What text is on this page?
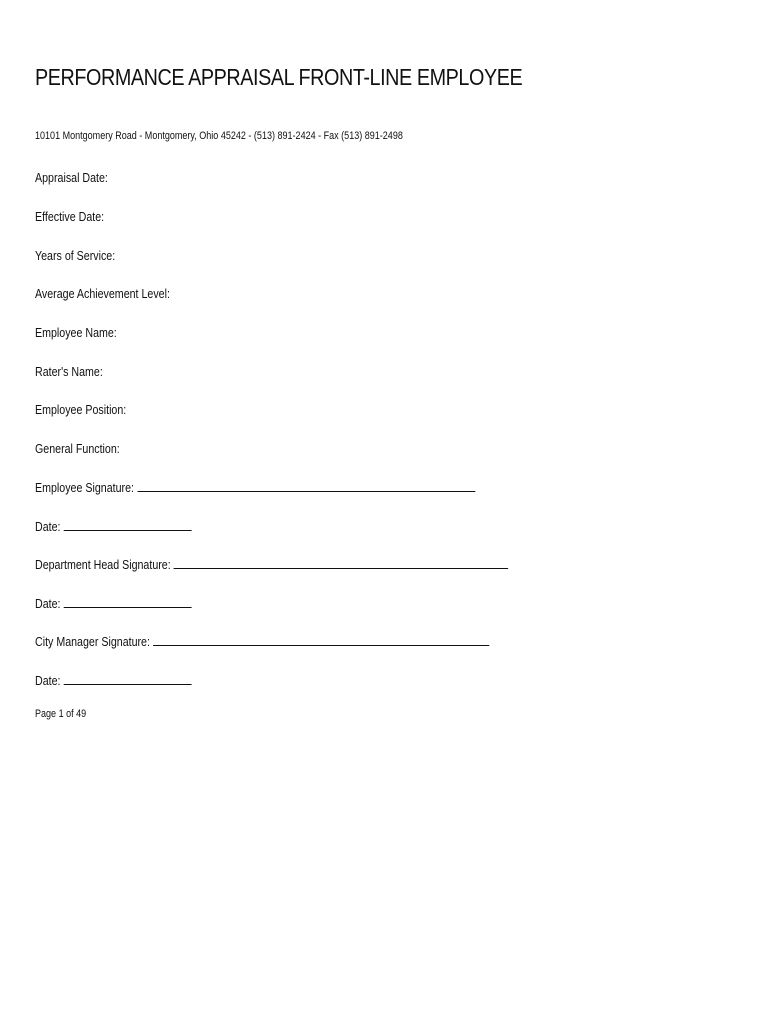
PERFORMANCE APPRAISAL FRONT-LINE EMPLOYEE
10101 Montgomery Road - Montgomery, Ohio 45242 - (513) 891-2424 - Fax (513) 891-2498
Appraisal Date:
Effective Date:
Years of Service:
Average Achievement Level:
Employee Name:
Rater's Name:
Employee Position:
General Function:
Employee Signature:
Date:
Department Head Signature:
Date:
City Manager Signature:
Date:
Page 1 of 49
